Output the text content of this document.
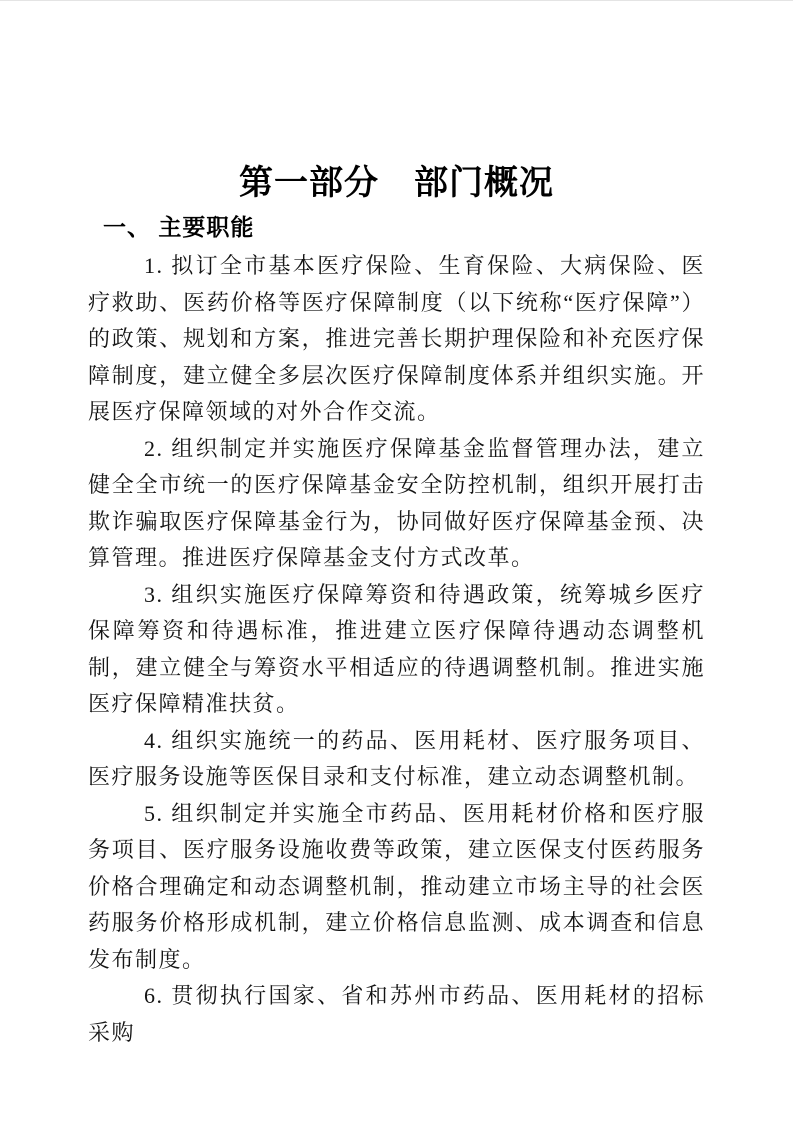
第一部分　部门概况
一、 主要职能

1. 拟订全市基本医疗保险、生育保险、大病保险、医疗救助、医药价格等医疗保障制度（以下统称“医疗保障”）的政策、规划和方案，推进完善长期护理保险和补充医疗保障制度，建立健全多层次医疗保障制度体系并组织实施。开展医疗保障领域的对外合作交流。

2. 组织制定并实施医疗保障基金监督管理办法，建立健全全市统一的医疗保障基金安全防控机制，组织开展打击欺诈骗取医疗保障基金行为，协同做好医疗保障基金预、决算管理。推进医疗保障基金支付方式改革。

3. 组织实施医疗保障筹资和待遇政策，统筹城乡医疗保障筹资和待遇标准，推进建立医疗保障待遇动态调整机制，建立健全与筹资水平相适应的待遇调整机制。推进实施医疗保障精准扶贫。

4. 组织实施统一的药品、医用耗材、医疗服务项目、医疗服务设施等医保目录和支付标准，建立动态调整机制。

5. 组织制定并实施全市药品、医用耗材价格和医疗服务项目、医疗服务设施收费等政策，建立医保支付医药服务价格合理确定和动态调整机制，推动建立市场主导的社会医药服务价格形成机制，建立价格信息监测、成本调查和信息发布制度。

6. 贯彻执行国家、省和苏州市药品、医用耗材的招标采购
